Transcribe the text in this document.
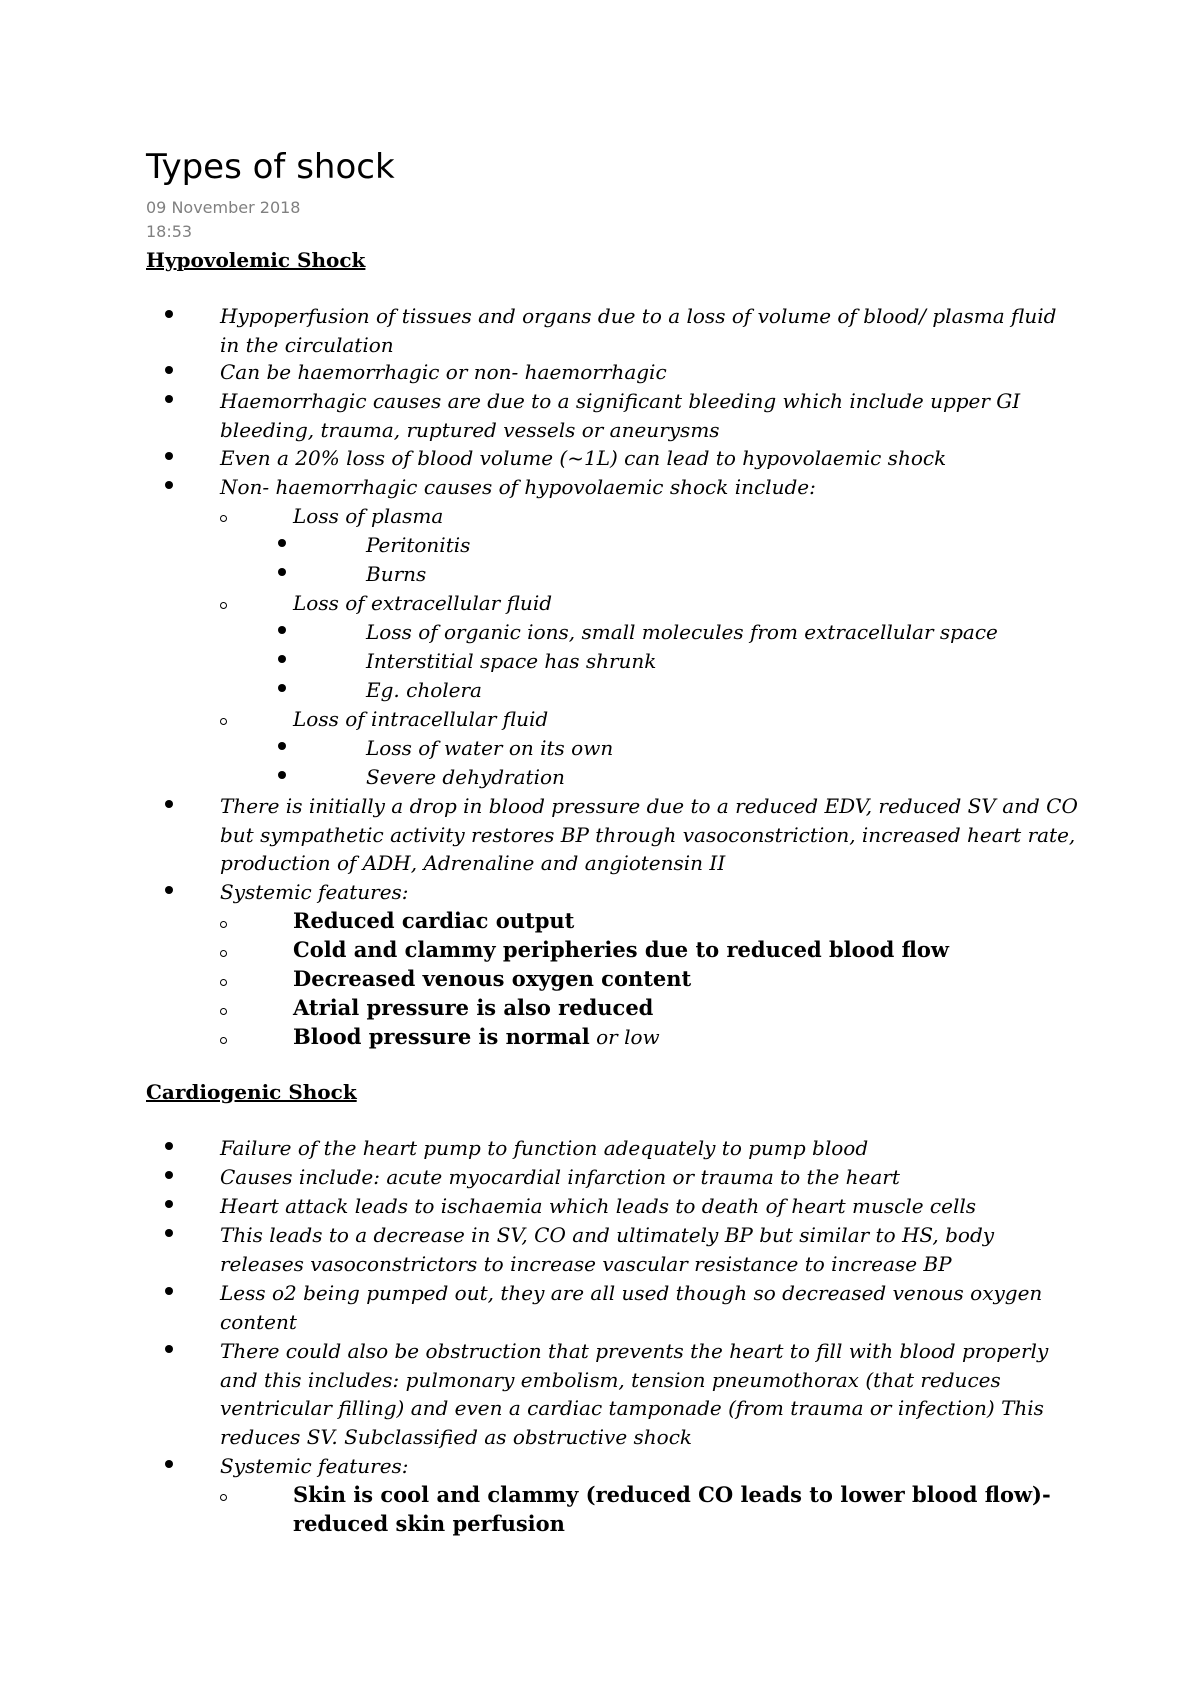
Types of shock
09 November 2018
18:53
Hypovolemic Shock
Hypoperfusion of tissues and organs due to a loss of volume of blood/ plasma fluid in the circulation
Can be haemorrhagic or non- haemorrhagic
Haemorrhagic causes are due to a significant bleeding which include upper GI bleeding, trauma, ruptured vessels or aneurysms
Even a 20% loss of blood volume (~1L) can lead to hypovolaemic shock
Non- haemorrhagic causes of hypovolaemic shock include:
Loss of plasma
Peritonitis
Burns
Loss of extracellular fluid
Loss of organic ions, small molecules from extracellular space
Interstitial space has shrunk
Eg. cholera
Loss of intracellular fluid
Loss of water on its own
Severe dehydration
There is initially a drop in blood pressure due to a reduced EDV, reduced SV and CO but sympathetic activity restores BP through vasoconstriction, increased heart rate, production of ADH, Adrenaline and angiotensin II
Systemic features:
Reduced cardiac output
Cold and clammy peripheries due to reduced blood flow
Decreased venous oxygen content
Atrial pressure is also reduced
Blood pressure is normal or low
Cardiogenic Shock
Failure of the heart pump to function adequately to pump blood
Causes include: acute myocardial infarction or trauma to the heart
Heart attack leads to ischaemia which leads to death of heart muscle cells
This leads to a decrease in SV, CO and ultimately BP but similar to HS, body releases vasoconstrictors to increase vascular resistance to increase BP
Less o2 being pumped out, they are all used though so decreased venous oxygen content
There could also be obstruction that prevents the heart to fill with blood properly and this includes: pulmonary embolism, tension pneumothorax (that reduces ventricular filling) and even a cardiac tamponade (from trauma or infection) This reduces SV. Subclassified as obstructive shock
Systemic features:
Skin is cool and clammy (reduced CO leads to lower blood flow)- reduced skin perfusion
